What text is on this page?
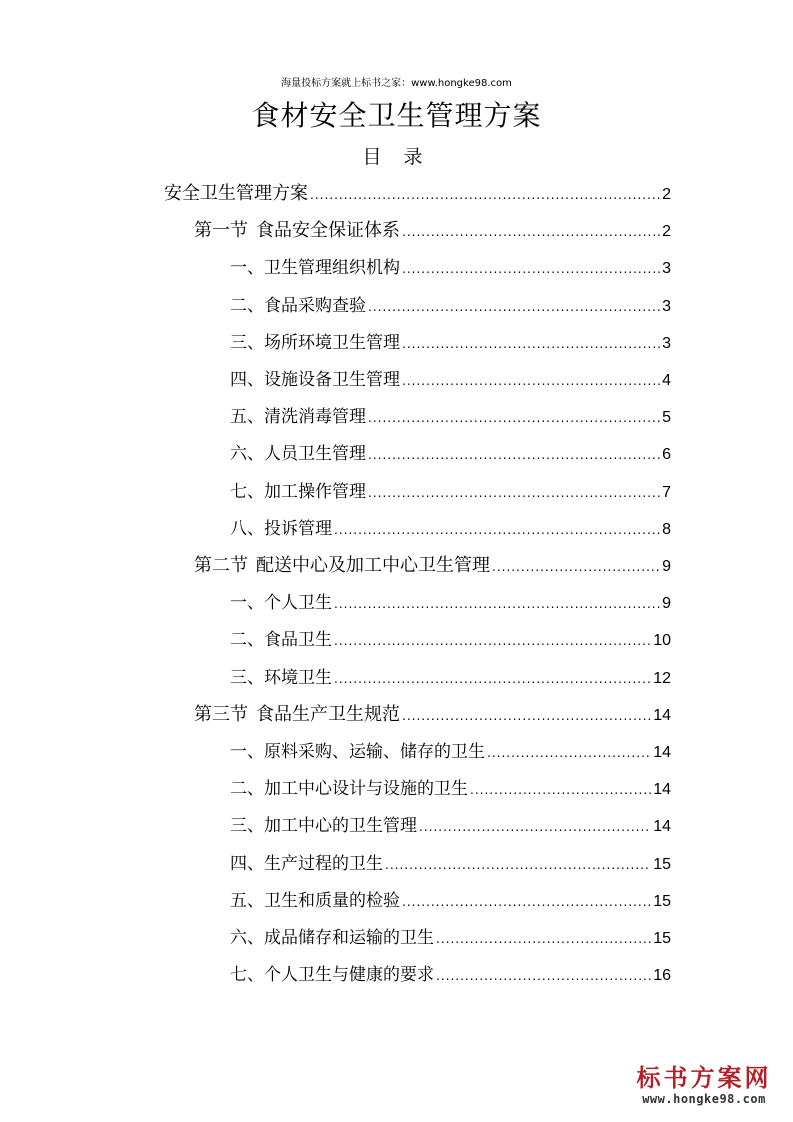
海量投标方案就上标书之家：www.hongke98.com
食材安全卫生管理方案
目 录
安全卫生管理方案 .....	2
第一节 食品安全保证体系 .....	2
一、卫生管理组织机构 .....	3
二、食品采购查验 .....	3
三、场所环境卫生管理 .....	3
四、设施设备卫生管理 .....	4
五、清洗消毒管理 .....	5
六、人员卫生管理 .....	6
七、加工操作管理 .....	7
八、投诉管理 .....	8
第二节 配送中心及加工中心卫生管理 .....	9
一、个人卫生 .....	9
二、食品卫生 .....	10
三、环境卫生 .....	12
第三节 食品生产卫生规范 .....	14
一、原料采购、运输、储存的卫生 .....	14
二、加工中心设计与设施的卫生 .....	14
三、加工中心的卫生管理 .....	14
四、生产过程的卫生 .....	15
五、卫生和质量的检验 .....	15
六、成品储存和运输的卫生 .....	15
七、个人卫生与健康的要求 .....	16
标书方案网
www.hongke98.com
